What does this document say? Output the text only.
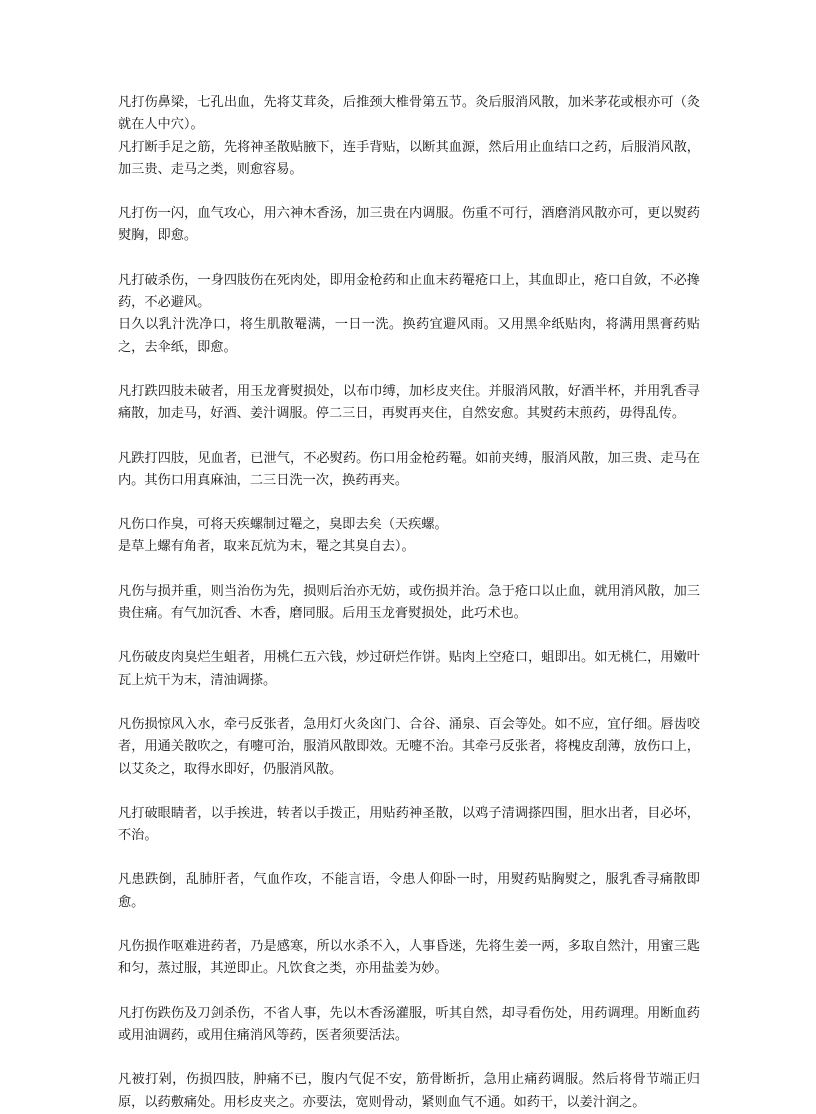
凡打伤鼻梁，七孔出血，先将艾茸灸，后推颈大椎骨第五节。灸后服消风散，加米茅花或根亦可（灸就在人中穴）。

凡打断手足之筋，先将神圣散贴腋下，连手背贴，以断其血源，然后用止血结口之药，后服消风散，加三贵、走马之类，则愈容易。

凡打伤一闪，血气攻心，用六神木香汤，加三贵在内调服。伤重不可行，酒磨消风散亦可，更以熨药熨胸，即愈。

凡打破杀伤，一身四肢伤在死肉处，即用金枪药和止血末药罨疮口上，其血即止，疮口自敛，不必搀药，不必避风。

日久以乳汁洗净口，将生肌散罨满，一日一洗。换药宜避风雨。又用黑伞纸贴肉，将满用黑膏药贴之，去伞纸，即愈。

凡打跌四肢未破者，用玉龙膏熨损处，以布巾缚，加杉皮夹住。并服消风散，好酒半杯，并用乳香寻痛散，加走马，好酒、姜汁调服。停二三日，再熨再夹住，自然安愈。其熨药末煎药，毋得乱传。

凡跌打四肢，见血者，已泄气，不必熨药。伤口用金枪药罨。如前夹缚，服消风散，加三贵、走马在内。其伤口用真麻油，二三日洗一次，换药再夹。

凡伤口作臭，可将天疾螺制过罨之，臭即去矣（天疾螺。

是草上螺有角者，取来瓦炕为末，罨之其臭自去）。

凡伤与损并重，则当治伤为先，损则后治亦无妨，或伤损并治。急于疮口以止血，就用消风散，加三贵住痛。有气加沉香、木香，磨同服。后用玉龙膏熨损处，此巧术也。

凡伤破皮肉臭烂生蛆者，用桃仁五六钱，炒过研烂作饼。贴肉上空疮口，蛆即出。如无桃仁，用嫩叶瓦上炕干为末，清油调搽。

凡伤损惊风入水，牵弓反张者，急用灯火灸囟门、合谷、涌泉、百会等处。如不应，宜仔细。唇齿咬者，用通关散吹之，有嚏可治，服消风散即效。无嚏不治。其牵弓反张者，将槐皮刮薄，放伤口上，以艾灸之，取得水即好，仍服消风散。

凡打破眼睛者，以手挨进，转者以手拨正，用贴药神圣散，以鸡子清调搽四围，胆水出者，目必坏，不治。

凡患跌倒，乱肺肝者，气血作攻，不能言语，令患人仰卧一时，用熨药贴胸熨之，服乳香寻痛散即愈。

凡伤损作呕难进药者，乃是感寒，所以水杀不入，人事昏迷，先将生姜一两，多取自然汁，用蜜三匙和匀，蒸过服，其逆即止。凡饮食之类，亦用盐姜为妙。

凡打伤跌伤及刀剑杀伤，不省人事，先以木香汤灌服，听其自然，却寻看伤处，用药调理。用断血药或用油调药，或用住痛消风等药，医者须要活法。

凡被打剁，伤损四肢，肿痛不已，腹内气促不安，筋骨断折，急用止痛药调服。然后将骨节端正归原，以药敷痛处。用杉皮夹之。亦要法，宽则骨动，紧则血气不通。如药干，以姜汁润之。
